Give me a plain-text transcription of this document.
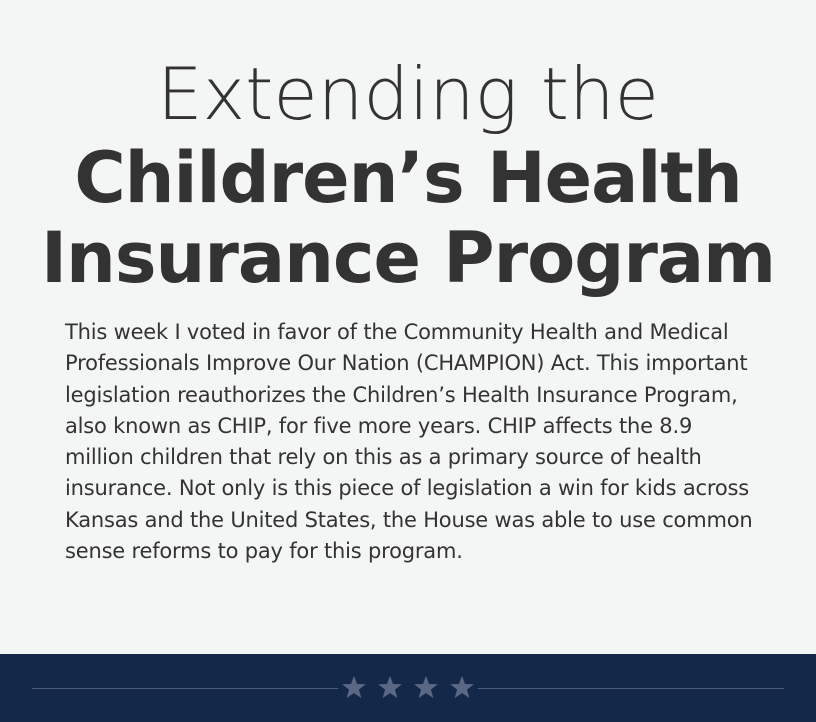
Extending the
Children’s Health
Insurance Program

This week I voted in favor of the Community Health and Medical Professionals Improve Our Nation (CHAMPION) Act. This important legislation reauthorizes the Children’s Health Insurance Program, also known as CHIP, for five more years. CHIP affects the 8.9 million children that rely on this as a primary source of health insurance. Not only is this piece of legislation a win for kids across Kansas and the United States, the House was able to use common sense reforms to pay for this program.
